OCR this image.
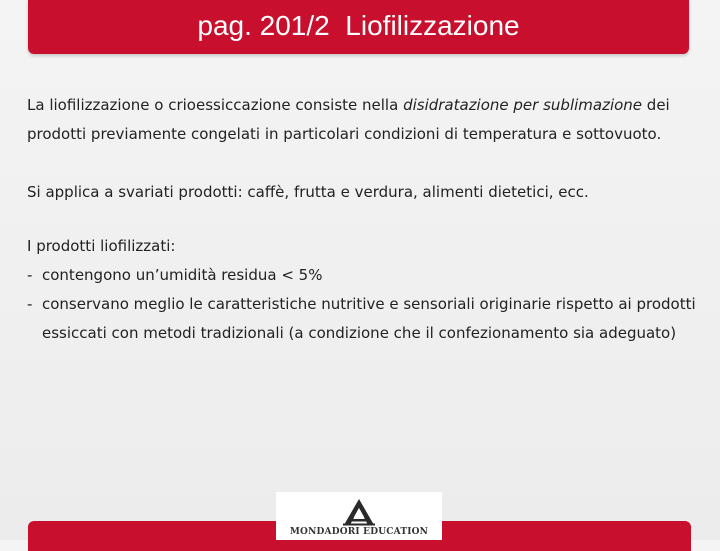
pag. 201/2  Liofilizzazione

La liofilizzazione o crioessiccazione consiste nella disidratazione per sublimazione dei prodotti previamente congelati in particolari condizioni di temperatura e sottovuoto.

Si applica a svariati prodotti: caffè, frutta e verdura, alimenti dietetici, ecc.

I prodotti liofilizzati:

- contengono un’umidità residua < 5%
- conservano meglio le caratteristiche nutritive e sensoriali originarie rispetto ai prodotti essiccati con metodi tradizionali (a condizione che il confezionamento sia adeguato)
MONDADORI EDUCATION
